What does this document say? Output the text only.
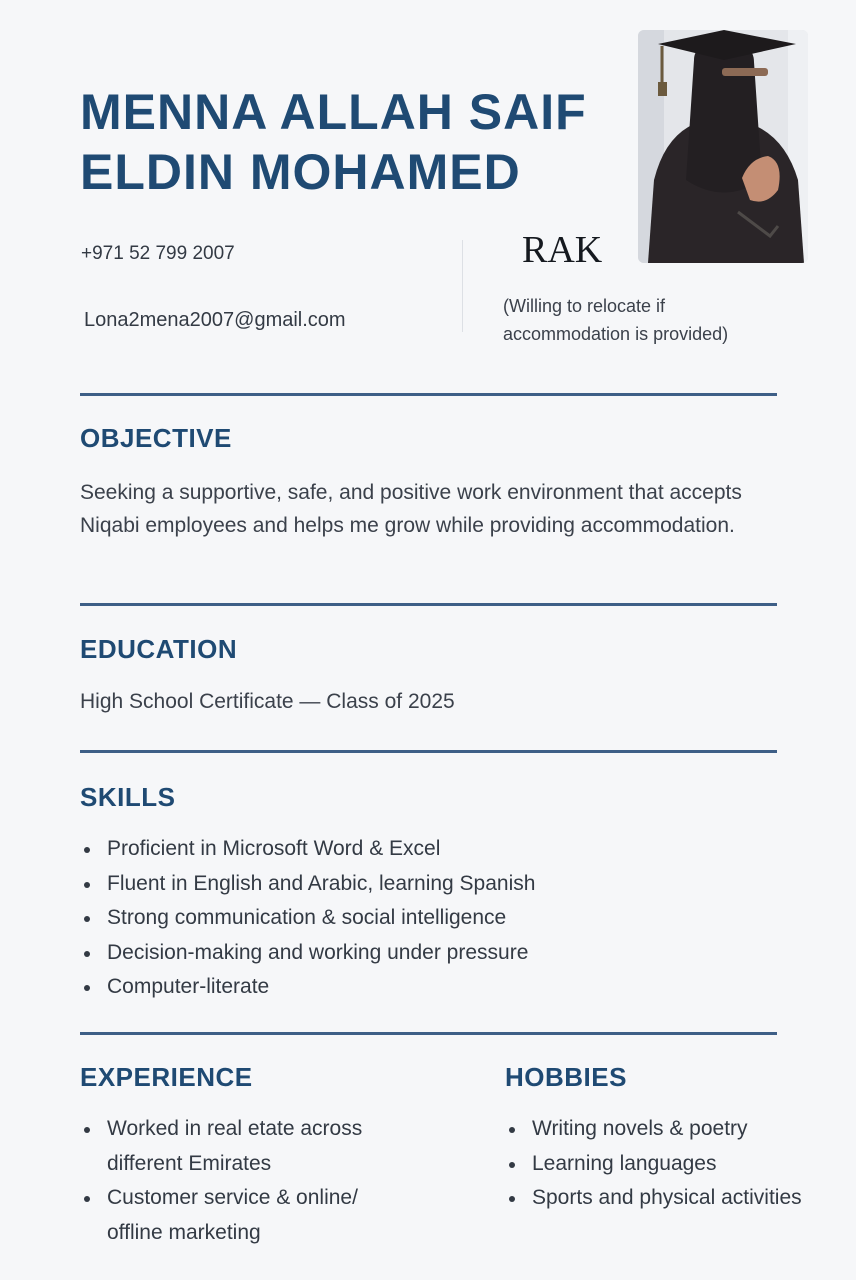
MENNA ALLAH SAIF
ELDIN MOHAMED
+971 52 799 2007
Lona2mena2007@gmail.com
RAK
(Willing to relocate if accommodation is provided)
OBJECTIVE

Seeking a supportive, safe, and positive work environment that accepts Niqabi employees and helps me grow while providing accommodation.

EDUCATION

High School Certificate — Class of 2025

SKILLS
Proficient in Microsoft Word & Excel
Fluent in English and Arabic, learning Spanish
Strong communication & social intelligence
Decision-making and working under pressure
Computer-literate
EXPERIENCE
Worked in real etate across different Emirates
Customer service & online/ offline marketing
HOBBIES
Writing novels & poetry
Learning languages
Sports and physical activities
